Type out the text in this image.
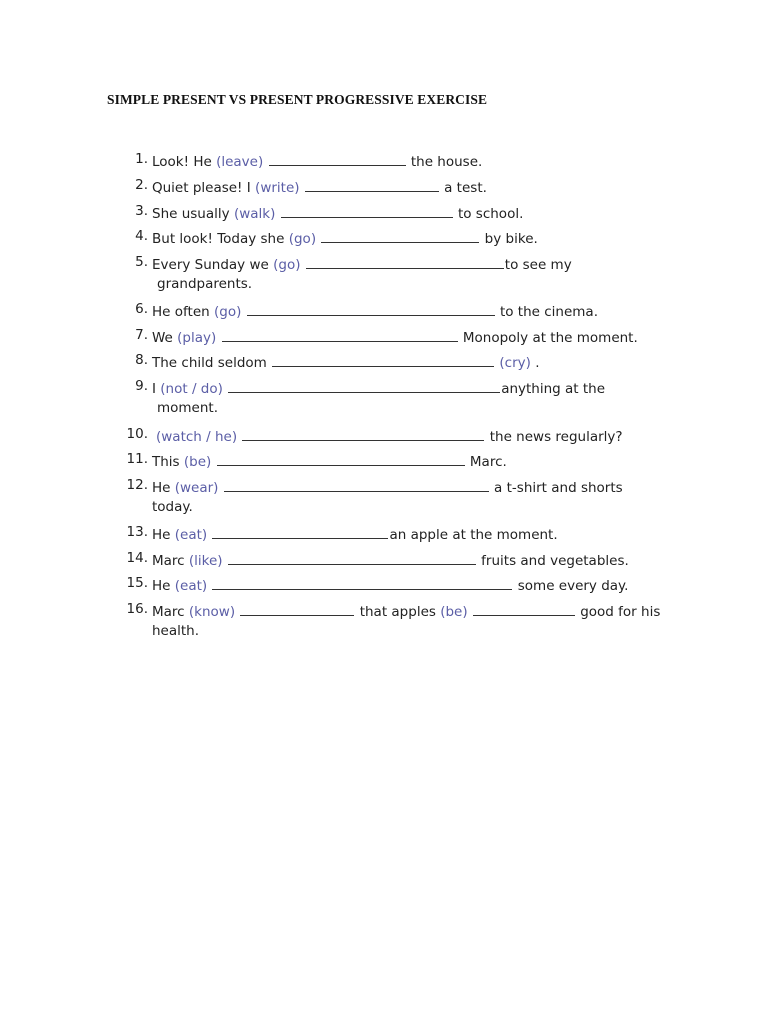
SIMPLE PRESENT VS PRESENT PROGRESSIVE EXERCISE
1. Look! He (leave)	the house.
2. Quiet please! I (write)	a test.
3. She usually (walk)	to school.
4. But look! Today she (go)	by bike.
5. Every Sunday we (go)	to see my
grandparents.
6. He often (go)	to the cinema.
7. We (play)	Monopoly at the moment.
8. The child seldom	(cry) .
9. I (not / do)	anything at the
moment.
10. (watch / he)	the news regularly?
11. This (be)	Marc.
12. He (wear)	a t-shirt and shorts
today.
13. He (eat)	an apple at the moment.
14. Marc (like)	fruits and vegetables.
15. He (eat)	some every day.
16. Marc (know)	that apples (be)	good for his
health.
